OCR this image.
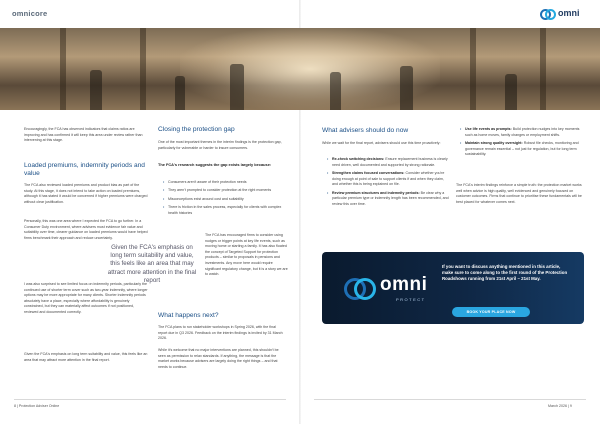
omnicore	omni
Encouragingly, the FCA has observed indicators that claims ratios are improving and has confirmed it will keep this area under review rather than intervening at this stage.
Loaded premiums, indemnity periods and value
The FCA also reviewed loaded premiums and product bias as part of the study. At this stage, it does not intend to take action on loaded premiums, although it has stated it would be concerned if higher premiums were charged without clear justification.
Personally, this was one area where I expected the FCA to go further. In a Consumer Duty environment, where advisers must evidence fair value and suitability over time, clearer guidance on loaded premiums would have helped firms benchmark their approach and reduce uncertainty.
I was also surprised to see limited focus on indemnity periods, particularly the continued use of shorter term cover such as two-year indemnity, where longer options may be more appropriate for many clients. Shorter indemnity periods absolutely have a place, especially where affordability is genuinely constrained, but they can materially affect outcomes if not positioned, reviewed and documented correctly.
Given the FCA's emphasis on long term suitability and value, this feels like an area that may attract more attention in the final report.
Closing the protection gap
One of the most important themes in the interim findings is the protection gap, particularly for vulnerable or harder to insure consumers.
The FCA's research suggests the gap exists largely because:
• Consumers aren't aware of their protection needs
• They aren't prompted to consider protection at the right moments
• Misconceptions exist around cost and suitability
• There is friction in the sales process, especially for clients with complex health histories
The FCA has encouraged firms to consider using nudges or trigger points at key life events, such as moving home or starting a family. It has also floated the concept of Targeted Support for protection products – similar to proposals in pensions and investments. Any move here would require significant regulatory change, but it is a story we are to watch.
Given the FCA's emphasis on long term suitability and value, this feels like an area that may attract more attention in the final report
What happens next?
The FCA plans to run stakeholder workshops in Spring 2026, with the final report due in Q3 2026. Feedback on the interim findings is invited by 31 March 2026.
While it's welcome that no major interventions are planned, this shouldn't be seen as permission to relax standards. If anything, the message is that the market works because advisers are largely doing the right things – and that needs to continue.
What advisers should do now
While we wait for the final report, advisers should use this time proactively:
• Re-check switching decisions: Ensure replacement business is clearly need driven, well documented and supported by strong rationale.
• Strengthen claims focused conversations: Consider whether you're doing enough at point of sale to support clients if and when they claim, and whether this is being explained on file.
• Review premium structures and indemnity periods: Be clear why a particular premium type or indemnity length has been recommended, and review this over time.
• Use life events as prompts: Build protection nudges into key moments such as home moves, family changes or employment shifts.
• Maintain strong quality oversight: Robust file checks, monitoring and governance remain essential – not just for regulation, but for long term sustainability.
The FCA's interim findings reinforce a simple truth: the protection market works well when advice is high quality, well evidenced and genuinely focused on customer outcomes. Firms that continue to prioritise these fundamentals will be best placed for whatever comes next.
omni
PROTECT
If you want to discuss anything mentioned in this article, make sure to come along to the first round of the Protection Roadshows running from 21st April – 21st May.
BOOK YOUR PLACE NOW
8 | Protection Adviser Online	March 2026 | 9
